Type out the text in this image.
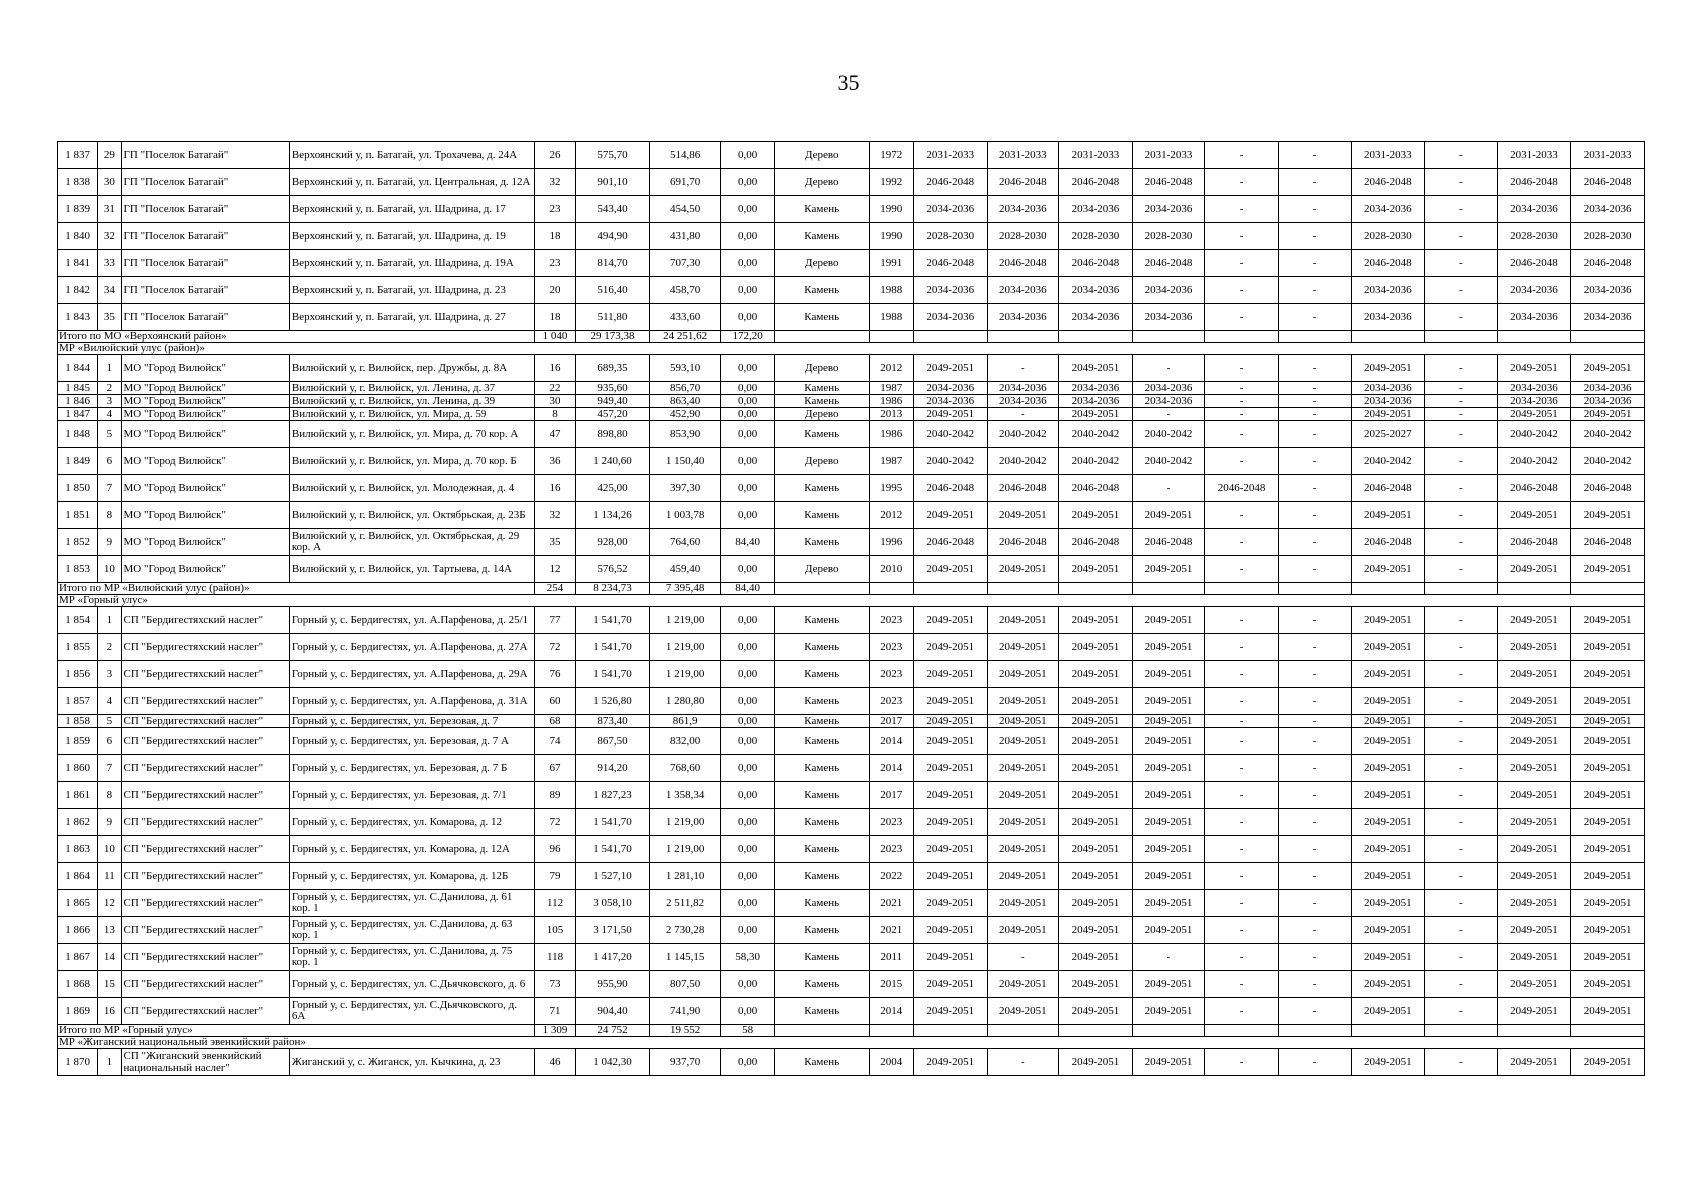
35
1 837	29	ГП "Поселок Батагай"	Верхоянский у, п. Батагай, ул. Трохачева, д. 24А	26	575,70	514,86	0,00	Дерево	1972	2031-2033	2031-2033	2031-2033	2031-2033	-	-	2031-2033	-	2031-2033	2031-2033
1 838	30	ГП "Поселок Батагай"	Верхоянский у, п. Батагай, ул. Центральная, д. 12А	32	901,10	691,70	0,00	Дерево	1992	2046-2048	2046-2048	2046-2048	2046-2048	-	-	2046-2048	-	2046-2048	2046-2048
1 839	31	ГП "Поселок Батагай"	Верхоянский у, п. Батагай, ул. Шадрина, д. 17	23	543,40	454,50	0,00	Камень	1990	2034-2036	2034-2036	2034-2036	2034-2036	-	-	2034-2036	-	2034-2036	2034-2036
1 840	32	ГП "Поселок Батагай"	Верхоянский у, п. Батагай, ул. Шадрина, д. 19	18	494,90	431,80	0,00	Камень	1990	2028-2030	2028-2030	2028-2030	2028-2030	-	-	2028-2030	-	2028-2030	2028-2030
1 841	33	ГП "Поселок Батагай"	Верхоянский у, п. Батагай, ул. Шадрина, д. 19А	23	814,70	707,30	0,00	Дерево	1991	2046-2048	2046-2048	2046-2048	2046-2048	-	-	2046-2048	-	2046-2048	2046-2048
1 842	34	ГП "Поселок Батагай"	Верхоянский у, п. Батагай, ул. Шадрина, д. 23	20	516,40	458,70	0,00	Камень	1988	2034-2036	2034-2036	2034-2036	2034-2036	-	-	2034-2036	-	2034-2036	2034-2036
1 843	35	ГП "Поселок Батагай"	Верхоянский у, п. Батагай, ул. Шадрина, д. 27	18	511,80	433,60	0,00	Камень	1988	2034-2036	2034-2036	2034-2036	2034-2036	-	-	2034-2036	-	2034-2036	2034-2036
Итого по МО «Верхоянский район»				1 040	29 173,38	24 251,62	172,20												
МР «Вилюйский улус (район)»																			
1 844	1	МО "Город Вилюйск"	Вилюйский у, г. Вилюйск, пер. Дружбы, д. 8А	16	689,35	593,10	0,00	Дерево	2012	2049-2051	-	2049-2051	-	-	-	2049-2051	-	2049-2051	2049-2051
1 845	2	МО "Город Вилюйск"	Вилюйский у, г. Вилюйск, ул. Ленина, д. 37	22	935,60	856,70	0,00	Камень	1987	2034-2036	2034-2036	2034-2036	2034-2036	-	-	2034-2036	-	2034-2036	2034-2036
1 846	3	МО "Город Вилюйск"	Вилюйский у, г. Вилюйск, ул. Ленина, д. 39	30	949,40	863,40	0,00	Камень	1986	2034-2036	2034-2036	2034-2036	2034-2036	-	-	2034-2036	-	2034-2036	2034-2036
1 847	4	МО "Город Вилюйск"	Вилюйский у, г. Вилюйск, ул. Мира, д. 59	8	457,20	452,90	0,00	Дерево	2013	2049-2051	-	2049-2051	-	-	-	2049-2051	-	2049-2051	2049-2051
1 848	5	МО "Город Вилюйск"	Вилюйский у, г. Вилюйск, ул. Мира, д. 70 кор. А	47	898,80	853,90	0,00	Камень	1986	2040-2042	2040-2042	2040-2042	2040-2042	-	-	2025-2027	-	2040-2042	2040-2042
1 849	6	МО "Город Вилюйск"	Вилюйский у, г. Вилюйск, ул. Мира, д. 70 кор. Б	36	1 240,60	1 150,40	0,00	Дерево	1987	2040-2042	2040-2042	2040-2042	2040-2042	-	-	2040-2042	-	2040-2042	2040-2042
1 850	7	МО "Город Вилюйск"	Вилюйский у, г. Вилюйск, ул. Молодежная, д. 4	16	425,00	397,30	0,00	Камень	1995	2046-2048	2046-2048	2046-2048	-	2046-2048	-	2046-2048	-	2046-2048	2046-2048
1 851	8	МО "Город Вилюйск"	Вилюйский у, г. Вилюйск, ул. Октябрьская, д. 23Б	32	1 134,26	1 003,78	0,00	Камень	2012	2049-2051	2049-2051	2049-2051	2049-2051	-	-	2049-2051	-	2049-2051	2049-2051
1 852	9	МО "Город Вилюйск"	Вилюйский у, г. Вилюйск, ул. Октябрьская, д. 29 кор. А	35	928,00	764,60	84,40	Камень	1996	2046-2048	2046-2048	2046-2048	2046-2048	-	-	2046-2048	-	2046-2048	2046-2048
1 853	10	МО "Город Вилюйск"	Вилюйский у, г. Вилюйск, ул. Тартыева, д. 14А	12	576,52	459,40	0,00	Дерево	2010	2049-2051	2049-2051	2049-2051	2049-2051	-	-	2049-2051	-	2049-2051	2049-2051
Итого по МР «Вилюйский улус (район)»				254	8 234,73	7 395,48	84,40												
МР «Горный улус»																			
1 854	1	СП "Бердигестяхский наслег"	Горный у, с. Бердигестях, ул. А.Парфенова, д. 25/1	77	1 541,70	1 219,00	0,00	Камень	2023	2049-2051	2049-2051	2049-2051	2049-2051	-	-	2049-2051	-	2049-2051	2049-2051
1 855	2	СП "Бердигестяхский наслег"	Горный у, с. Бердигестях, ул. А.Парфенова, д. 27А	72	1 541,70	1 219,00	0,00	Камень	2023	2049-2051	2049-2051	2049-2051	2049-2051	-	-	2049-2051	-	2049-2051	2049-2051
1 856	3	СП "Бердигестяхский наслег"	Горный у, с. Бердигестях, ул. А.Парфенова, д. 29А	76	1 541,70	1 219,00	0,00	Камень	2023	2049-2051	2049-2051	2049-2051	2049-2051	-	-	2049-2051	-	2049-2051	2049-2051
1 857	4	СП "Бердигестяхский наслег"	Горный у, с. Бердигестях, ул. А.Парфенова, д. 31А	60	1 526,80	1 280,80	0,00	Камень	2023	2049-2051	2049-2051	2049-2051	2049-2051	-	-	2049-2051	-	2049-2051	2049-2051
1 858	5	СП "Бердигестяхский наслег"	Горный у, с. Бердигестях, ул. Березовая, д. 7	68	873,40	861,9	0,00	Камень	2017	2049-2051	2049-2051	2049-2051	2049-2051	-	-	2049-2051	-	2049-2051	2049-2051
1 859	6	СП "Бердигестяхский наслег"	Горный у, с. Бердигестях, ул. Березовая, д. 7 А	74	867,50	832,00	0,00	Камень	2014	2049-2051	2049-2051	2049-2051	2049-2051	-	-	2049-2051	-	2049-2051	2049-2051
1 860	7	СП "Бердигестяхский наслег"	Горный у, с. Бердигестях, ул. Березовая, д. 7 Б	67	914,20	768,60	0,00	Камень	2014	2049-2051	2049-2051	2049-2051	2049-2051	-	-	2049-2051	-	2049-2051	2049-2051
1 861	8	СП "Бердигестяхский наслег"	Горный у, с. Бердигестях, ул. Березовая, д. 7/1	89	1 827,23	1 358,34	0,00	Камень	2017	2049-2051	2049-2051	2049-2051	2049-2051	-	-	2049-2051	-	2049-2051	2049-2051
1 862	9	СП "Бердигестяхский наслег"	Горный у, с. Бердигестях, ул. Комарова, д. 12	72	1 541,70	1 219,00	0,00	Камень	2023	2049-2051	2049-2051	2049-2051	2049-2051	-	-	2049-2051	-	2049-2051	2049-2051
1 863	10	СП "Бердигестяхский наслег"	Горный у, с. Бердигестях, ул. Комарова, д. 12А	96	1 541,70	1 219,00	0,00	Камень	2023	2049-2051	2049-2051	2049-2051	2049-2051	-	-	2049-2051	-	2049-2051	2049-2051
1 864	11	СП "Бердигестяхский наслег"	Горный у, с. Бердигестях, ул. Комарова, д. 12Б	79	1 527,10	1 281,10	0,00	Камень	2022	2049-2051	2049-2051	2049-2051	2049-2051	-	-	2049-2051	-	2049-2051	2049-2051
1 865	12	СП "Бердигестяхский наслег"	Горный у, с. Бердигестях, ул. С.Данилова, д. 61 кор. 1	112	3 058,10	2 511,82	0,00	Камень	2021	2049-2051	2049-2051	2049-2051	2049-2051	-	-	2049-2051	-	2049-2051	2049-2051
1 866	13	СП "Бердигестяхский наслег"	Горный у, с. Бердигестях, ул. С.Данилова, д. 63 кор. 1	105	3 171,50	2 730,28	0,00	Камень	2021	2049-2051	2049-2051	2049-2051	2049-2051	-	-	2049-2051	-	2049-2051	2049-2051
1 867	14	СП "Бердигестяхский наслег"	Горный у, с. Бердигестях, ул. С.Данилова, д. 75 кор. 1	118	1 417,20	1 145,15	58,30	Камень	2011	2049-2051	-	2049-2051	-	-	-	2049-2051	-	2049-2051	2049-2051
1 868	15	СП "Бердигестяхский наслег"	Горный у, с. Бердигестях, ул. С.Дьячковского, д. 6	73	955,90	807,50	0,00	Камень	2015	2049-2051	2049-2051	2049-2051	2049-2051	-	-	2049-2051	-	2049-2051	2049-2051
1 869	16	СП "Бердигестяхский наслег"	Горный у, с. Бердигестях, ул. С.Дьячковского, д. 6А	71	904,40	741,90	0,00	Камень	2014	2049-2051	2049-2051	2049-2051	2049-2051	-	-	2049-2051	-	2049-2051	2049-2051
Итого по МР «Горный улус»				1 309	24 752	19 552	58												
МР «Жиганский национальный эвенкийский район»																			
1 870	1	СП "Жиганский эвенкийский национальный наслег"	Жиганский у, с. Жиганск, ул. Кычкина, д. 23	46	1 042,30	937,70	0,00	Камень	2004	2049-2051	-	2049-2051	2049-2051	-	-	2049-2051	-	2049-2051	2049-2051
